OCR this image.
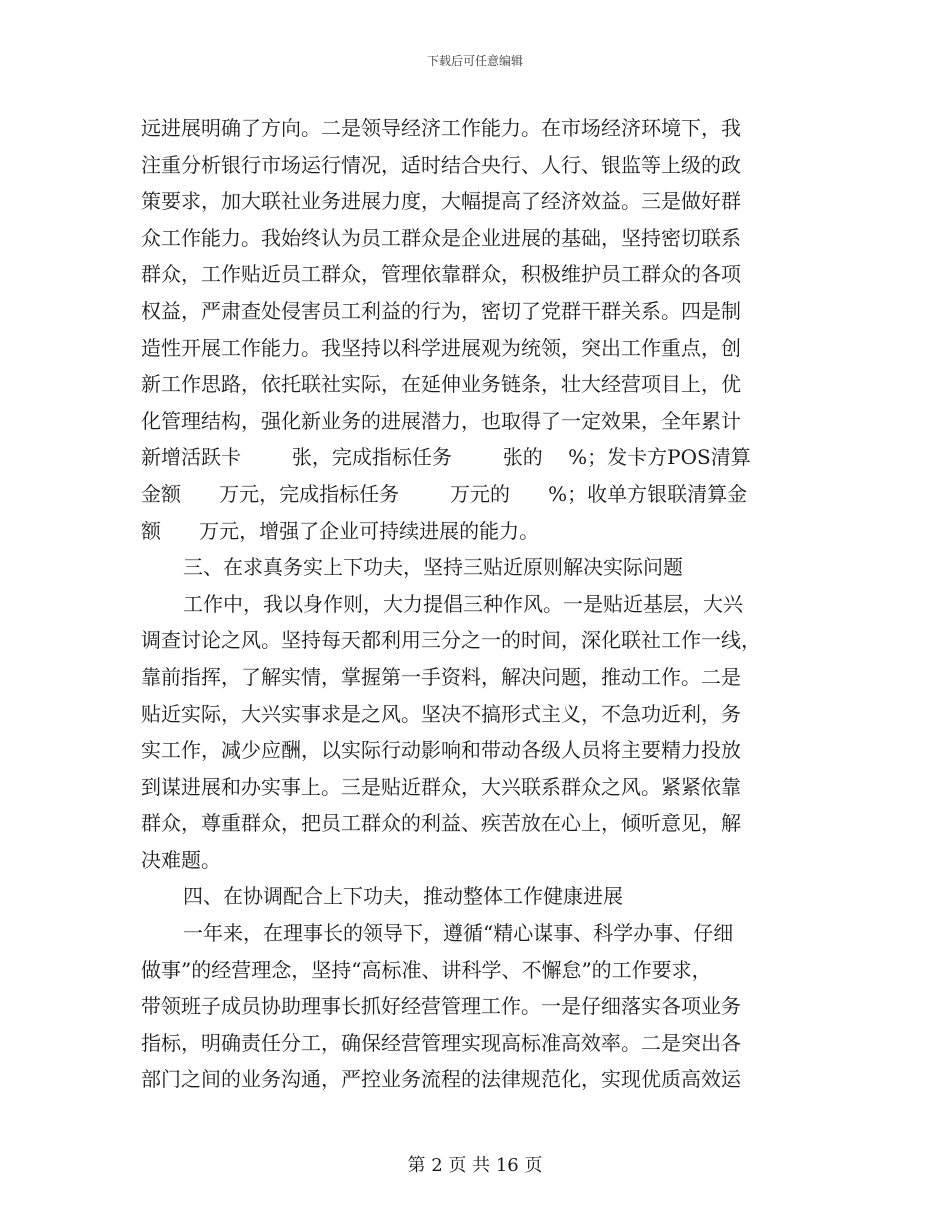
下载后可任意编辑
远进展明确了方向。二是领导经济工作能力。在市场经济环境下，我
注重分析银行市场运行情况，适时结合央行、人行、银监等上级的政
策要求，加大联社业务进展力度，大幅提高了经济效益。三是做好群
众工作能力。我始终认为员工群众是企业进展的基础，坚持密切联系
群众，工作贴近员工群众，管理依靠群众，积极维护员工群众的各项
权益，严肃查处侵害员工利益的行为，密切了党群干群关系。四是制
造性开展工作能力。我坚持以科学进展观为统领，突出工作重点，创
新工作思路，依托联社实际，在延伸业务链条，壮大经营项目上，优
化管理结构，强化新业务的进展潜力，也取得了一定效果，全年累计
新增活跃卡        张，完成指标任务        张的    %；发卡方POS清算
金额      万元，完成指标任务        万元的      %；收单方银联清算金
额      万元，增强了企业可持续进展的能力。
三、在求真务实上下功夫，坚持三贴近原则解决实际问题
工作中，我以身作则，大力提倡三种作风。一是贴近基层，大兴
调查讨论之风。坚持每天都利用三分之一的时间，深化联社工作一线，
靠前指挥，了解实情，掌握第一手资料，解决问题，推动工作。二是
贴近实际，大兴实事求是之风。坚决不搞形式主义，不急功近利，务
实工作，减少应酬，以实际行动影响和带动各级人员将主要精力投放
到谋进展和办实事上。三是贴近群众，大兴联系群众之风。紧紧依靠
群众，尊重群众，把员工群众的利益、疾苦放在心上，倾听意见，解
决难题。
四、在协调配合上下功夫，推动整体工作健康进展
一年来，在理事长的领导下，遵循“精心谋事、科学办事、仔细
做事”的经营理念，坚持“高标准、讲科学、不懈怠”的工作要求，
带领班子成员协助理事长抓好经营管理工作。一是仔细落实各项业务
指标，明确责任分工，确保经营管理实现高标准高效率。二是突出各
部门之间的业务沟通，严控业务流程的法律规范化，实现优质高效运
第 2 页 共 16 页
